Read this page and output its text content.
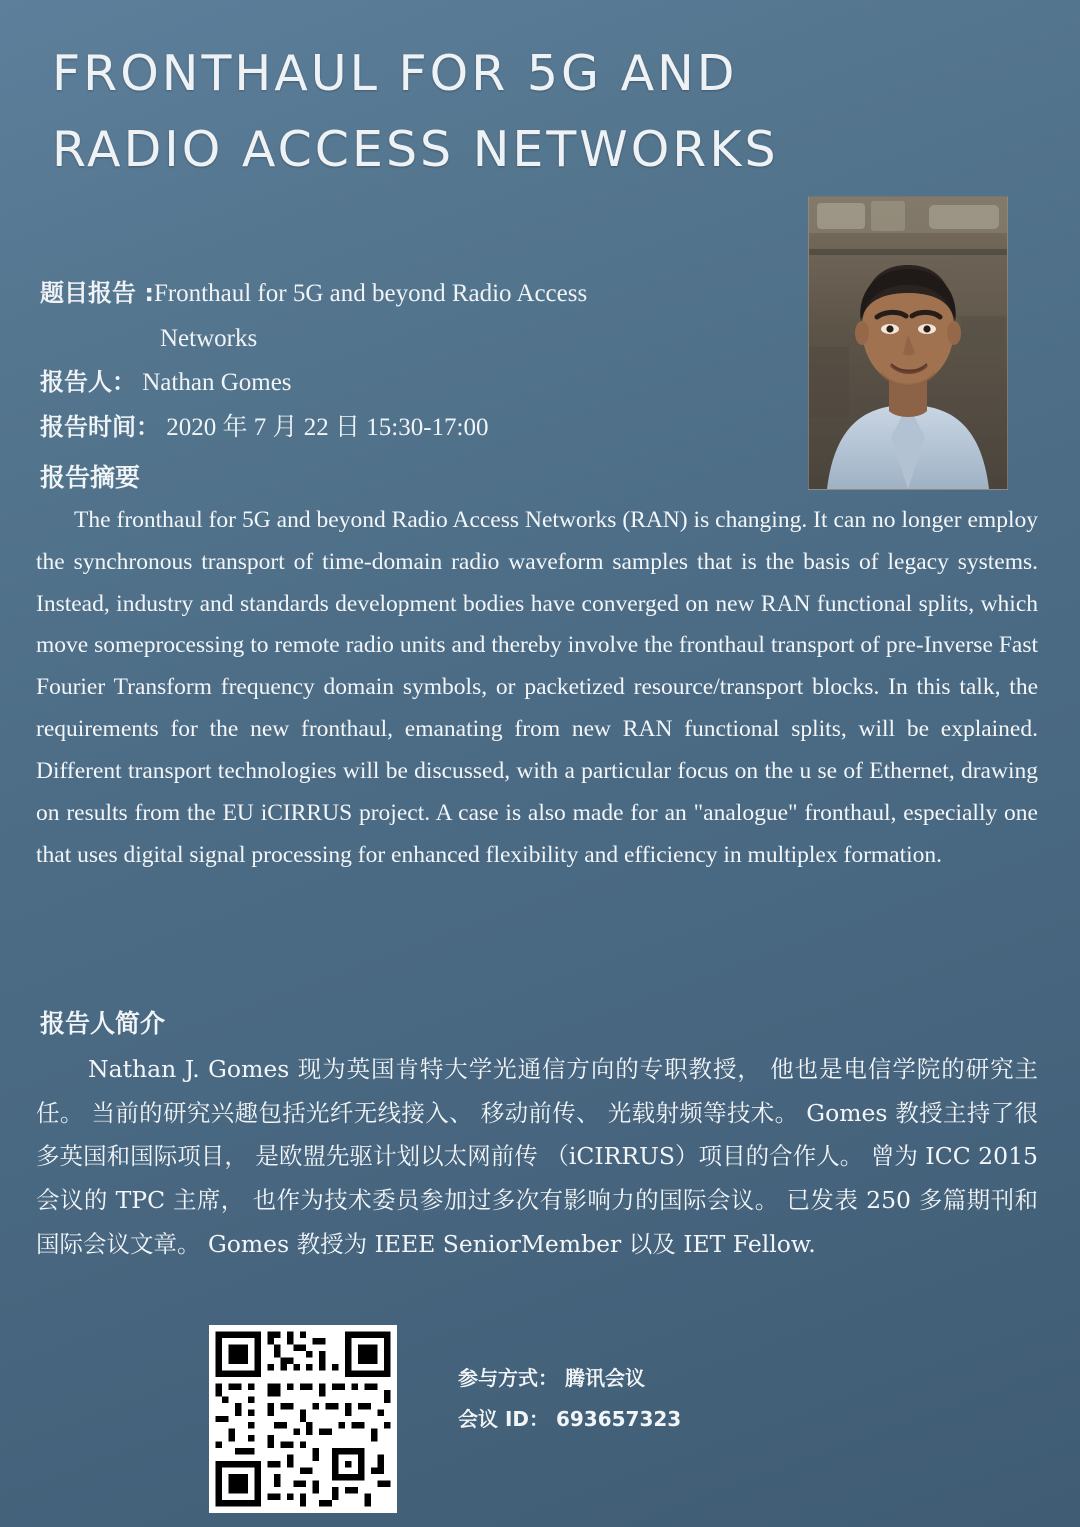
FRONTHAUL FOR 5G AND
RADIO ACCESS NETWORKS
题目报告 :Fronthaul for 5G and beyond Radio Access
Networks
报告人： Nathan Gomes
报告时间： 2020 年 7 月 22 日 15:30-17:00
报告摘要
The fronthaul for 5G and beyond Radio Access Networks (RAN) is changing. It can no longer employ the synchronous transport of time-domain radio waveform samples that is the basis of legacy systems. Instead, industry and standards development bodies have converged on new RAN functional splits, which move someprocessing to remote radio units and thereby involve the fronthaul transport of pre-Inverse Fast Fourier Transform frequency domain symbols, or packetized resource/transport blocks. In this talk, the requirements for the new fronthaul, emanating from new RAN functional splits, will be explained. Different transport technologies will be discussed, with a particular focus on the u se of Ethernet, drawing on results from the EU iCIRRUS project. A case is also made for an "analogue" fronthaul, especially one that uses digital signal processing for enhanced flexibility and efficiency in multiplex formation.
报告人简介
Nathan J. Gomes 现为英国肯特大学光通信方向的专职教授， 他也是电信学院的研究主任。 当前的研究兴趣包括光纤无线接入、 移动前传、 光载射频等技术。 Gomes 教授主持了很多英国和国际项目， 是欧盟先驱计划以太网前传 （iCIRRUS）项目的合作人。 曾为 ICC 2015 会议的 TPC 主席， 也作为技术委员参加过多次有影响力的国际会议。 已发表 250 多篇期刊和国际会议文章。 Gomes 教授为 IEEE SeniorMember 以及 IET Fellow.
参与方式： 腾讯会议
会议 ID： 693657323
